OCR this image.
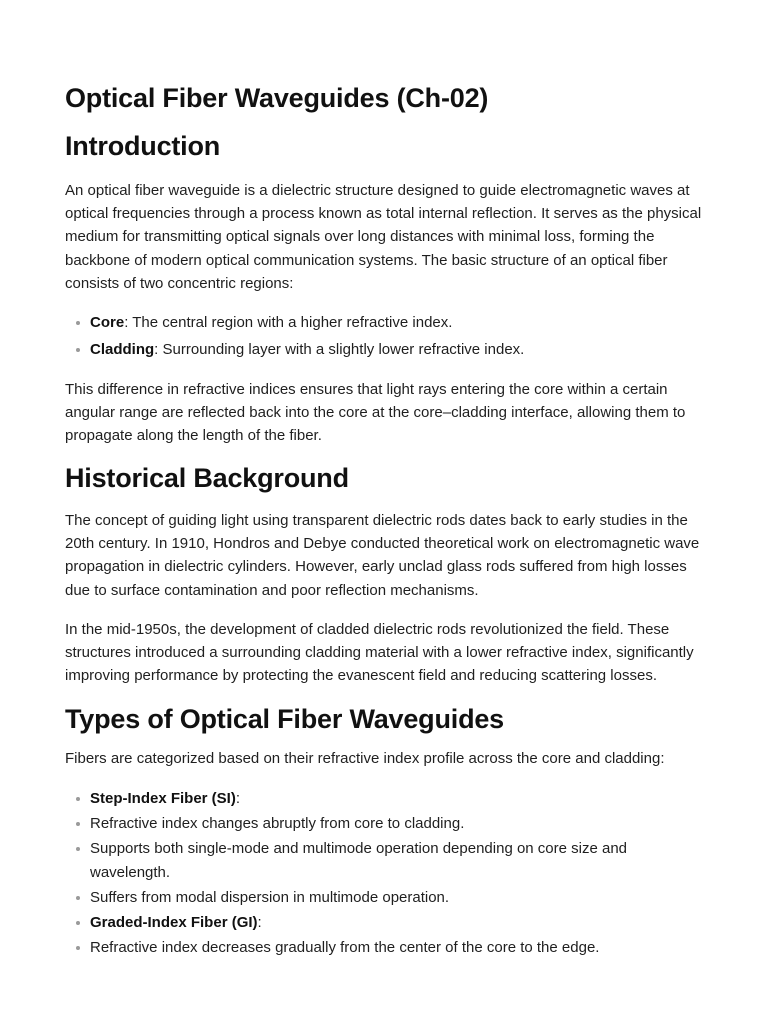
Optical Fiber Waveguides (Ch-02)
Introduction

An optical fiber waveguide is a dielectric structure designed to guide electromagnetic waves at optical frequencies through a process known as total internal reflection. It serves as the physical medium for transmitting optical signals over long distances with minimal loss, forming the backbone of modern optical communication systems. The basic structure of an optical fiber consists of two concentric regions:

Core: The central region with a higher refractive index.
Cladding: Surrounding layer with a slightly lower refractive index.

This difference in refractive indices ensures that light rays entering the core within a certain angular range are reflected back into the core at the core–cladding interface, allowing them to propagate along the length of the fiber.

Historical Background

The concept of guiding light using transparent dielectric rods dates back to early studies in the 20th century. In 1910, Hondros and Debye conducted theoretical work on electromagnetic wave propagation in dielectric cylinders. However, early unclad glass rods suffered from high losses due to surface contamination and poor reflection mechanisms.

In the mid-1950s, the development of cladded dielectric rods revolutionized the field. These structures introduced a surrounding cladding material with a lower refractive index, significantly improving performance by protecting the evanescent field and reducing scattering losses.

Types of Optical Fiber Waveguides

Fibers are categorized based on their refractive index profile across the core and cladding:

Step-Index Fiber (SI):
Refractive index changes abruptly from core to cladding.
Supports both single-mode and multimode operation depending on core size and wavelength.
Suffers from modal dispersion in multimode operation.
Graded-Index Fiber (GI):
Refractive index decreases gradually from the center of the core to the edge.
